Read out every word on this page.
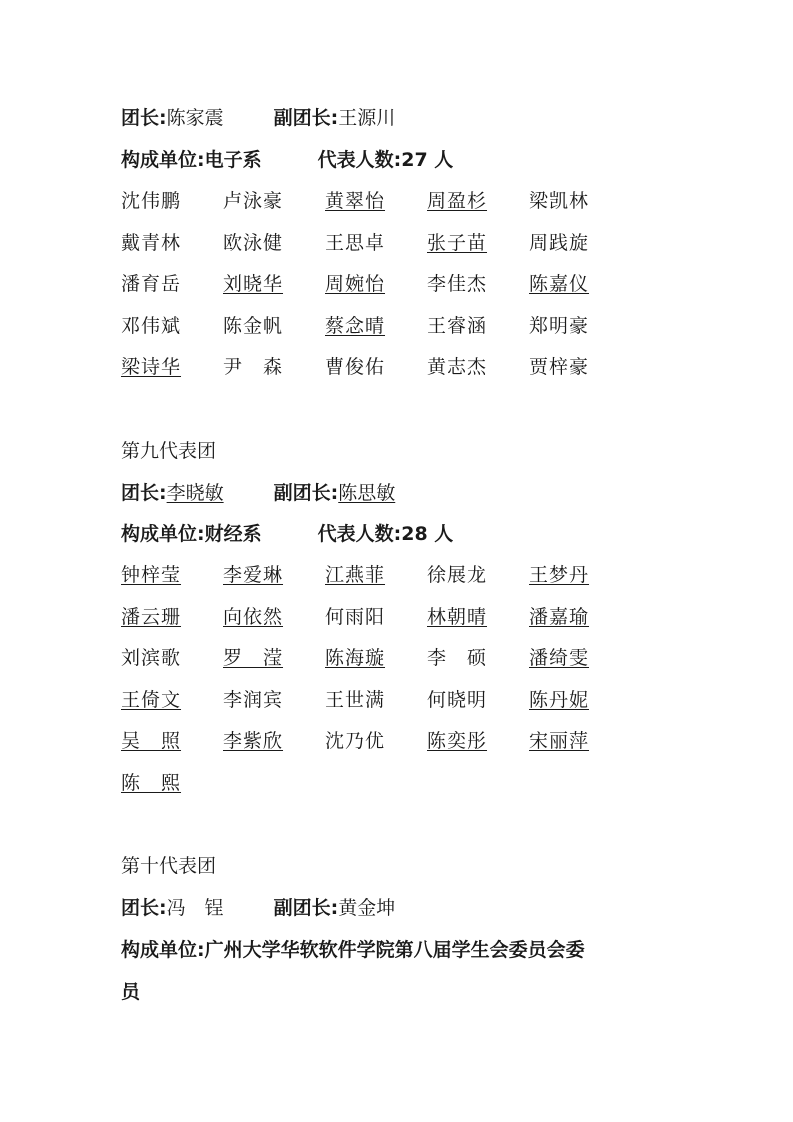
团长:陈家震	副团长:王源川
构成单位:电子系	代表人数:27 人
沈伟鹏 卢泳豪 黄翠怡 周盈杉 梁凯林
戴青林 欧泳健 王思卓 张子苗 周践旋
潘育岳 刘晓华 周婉怡 李佳杰 陈嘉仪
邓伟斌 陈金帆 蔡念晴 王睿涵 郑明豪
梁诗华 尹　森 曹俊佑 黄志杰 贾梓豪
第九代表团
团长:李晓敏	副团长:陈思敏
构成单位:财经系	代表人数:28 人
钟梓莹 李爱琳 江燕菲 徐展龙 王梦丹
潘云珊 向依然 何雨阳 林朝晴 潘嘉瑜
刘滨歌 罗　滢 陈海璇 李　硕 潘绮雯
王倚文 李润宾 王世满 何晓明 陈丹妮
吴　照 李紫欣 沈乃优 陈奕彤 宋丽萍
陈　熙
第十代表团
团长:冯　锃	副团长:黄金坤
构成单位:广州大学华软软件学院第八届学生会委员会委
员
